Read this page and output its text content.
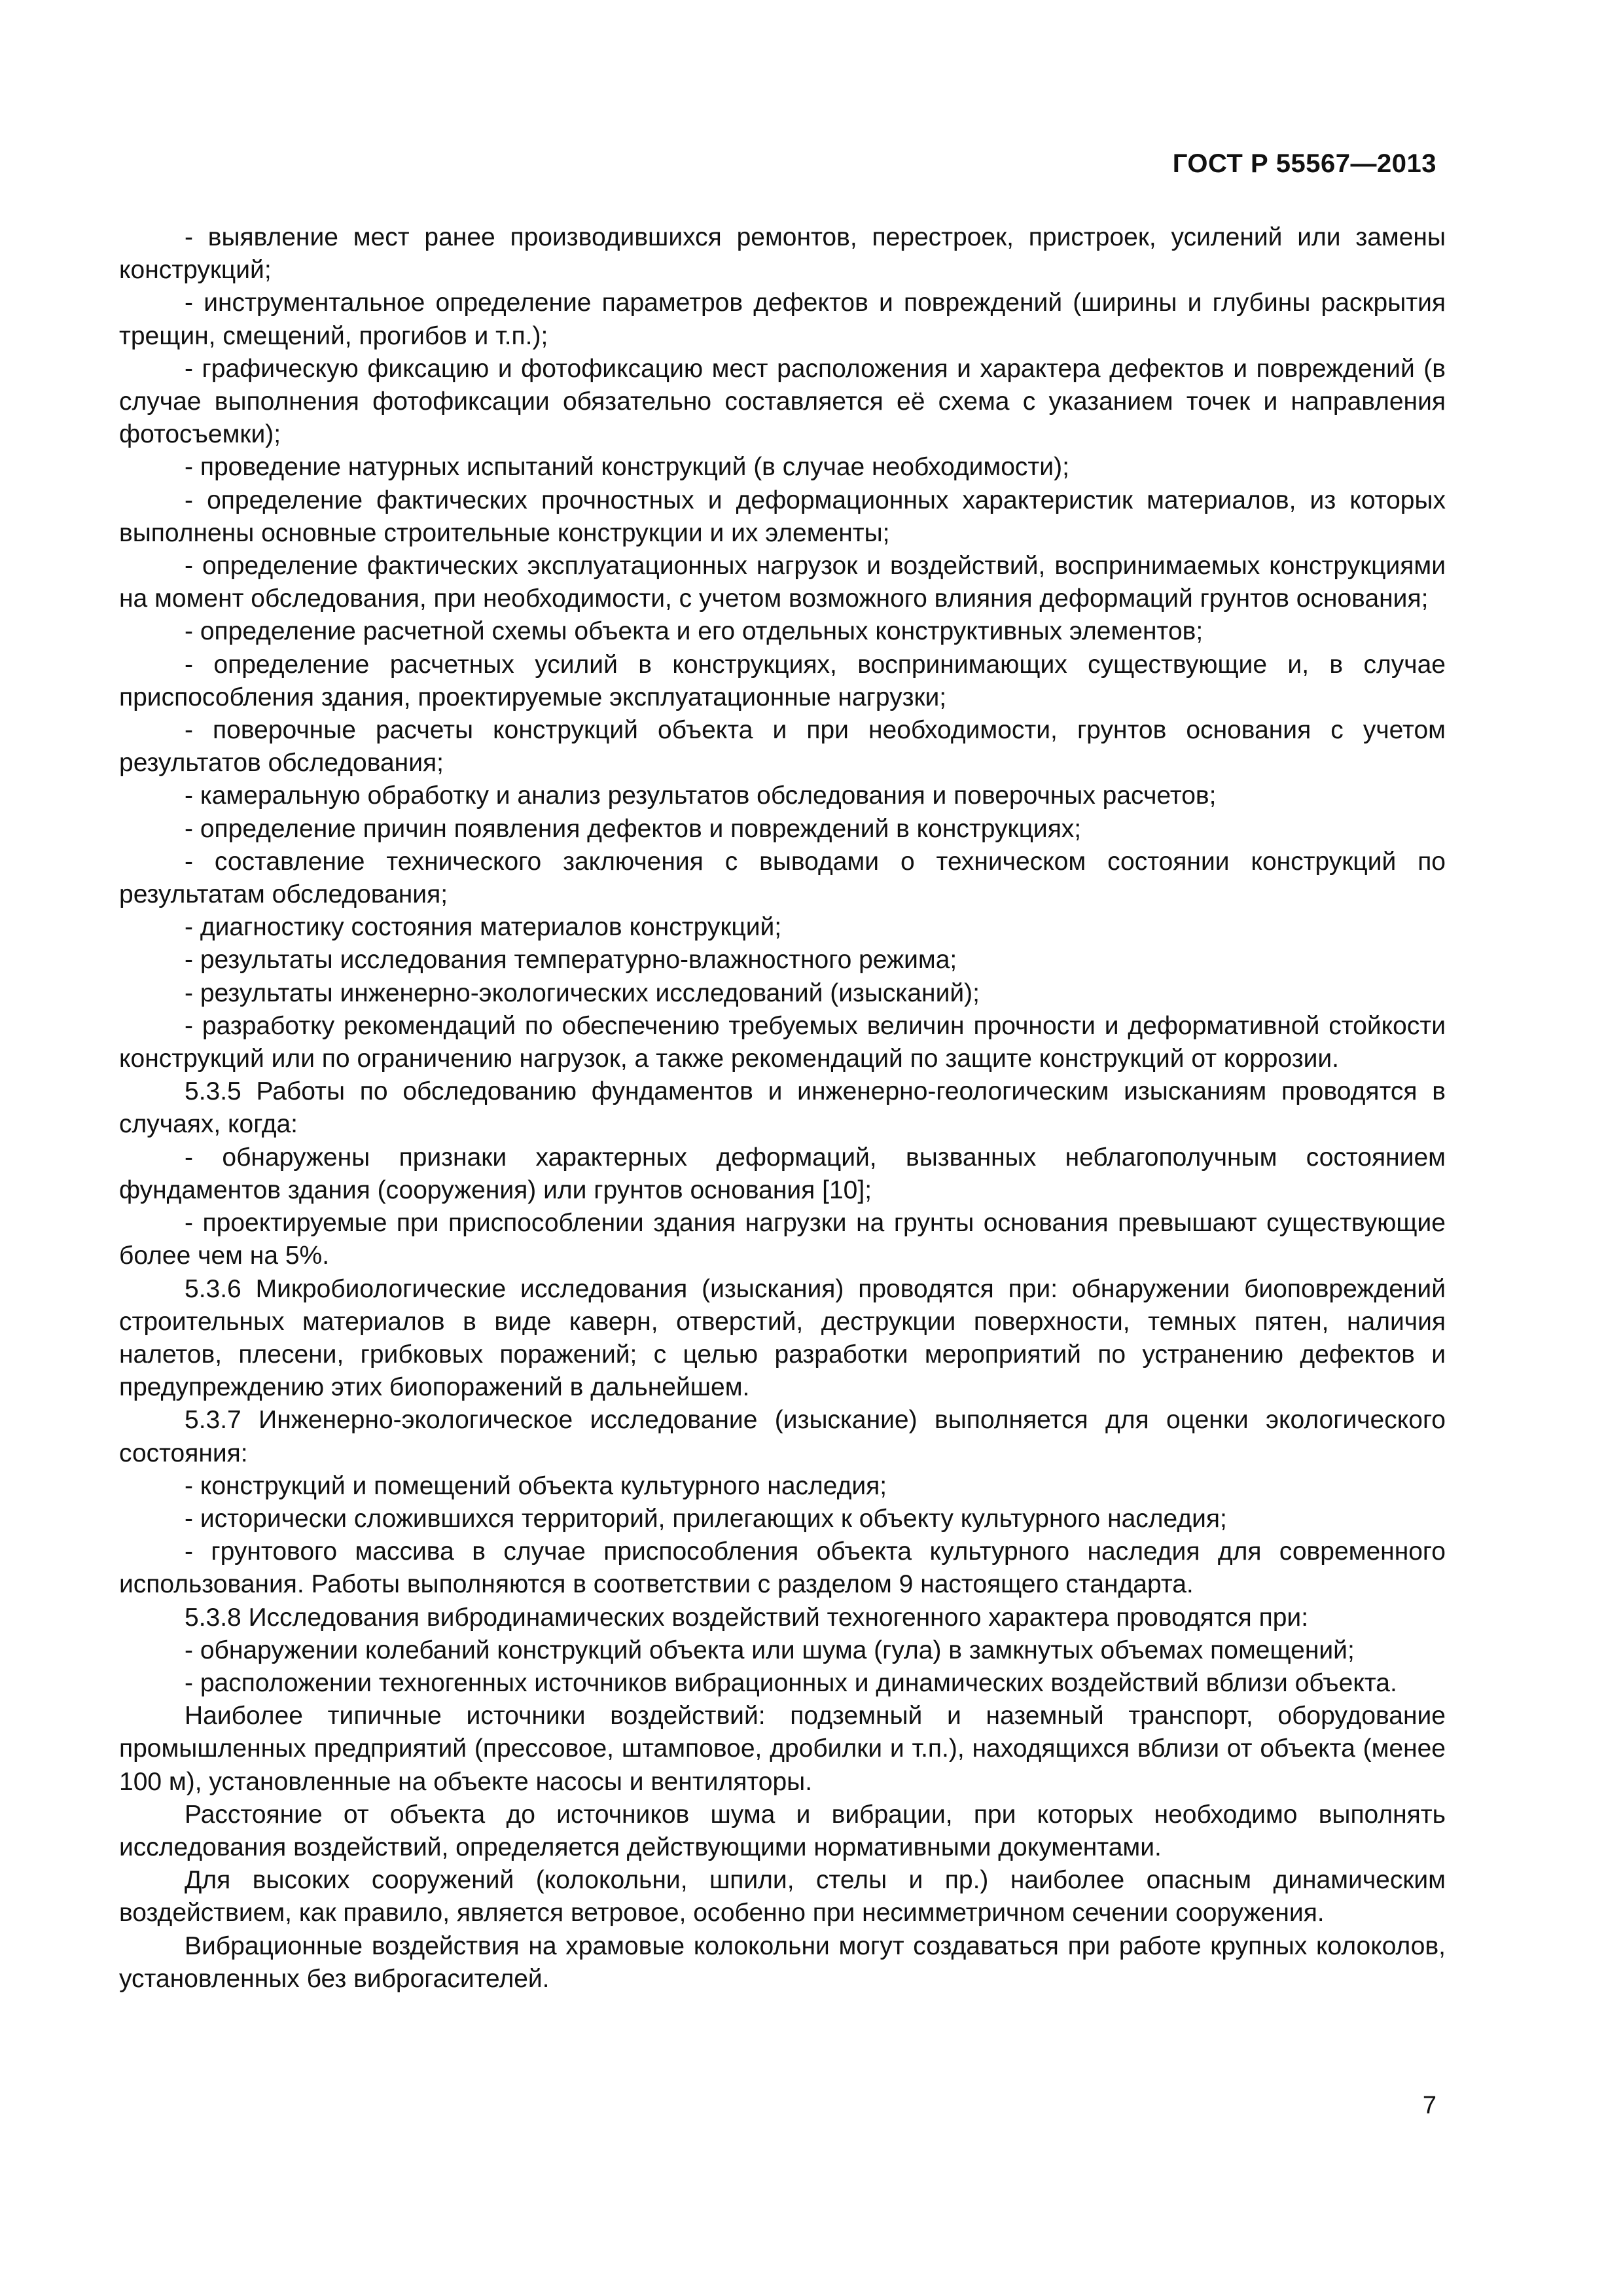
ГОСТ Р 55567—2013

- выявление мест ранее производившихся ремонтов, перестроек, пристроек, усилений или замены конструкций;

- инструментальное определение параметров дефектов и повреждений (ширины и глубины раскрытия трещин, смещений, прогибов и т.п.);

- графическую фиксацию и фотофиксацию мест расположения и характера дефектов и повреждений (в случае выполнения фотофиксации обязательно составляется её схема с указанием точек и направления фотосъемки);

- проведение натурных испытаний конструкций (в случае необходимости);

- определение фактических прочностных и деформационных характеристик материалов, из которых выполнены основные строительные конструкции и их элементы;

- определение фактических эксплуатационных нагрузок и воздействий, воспринимаемых конструкциями на момент обследования, при необходимости, с учетом возможного влияния деформаций грунтов основания;

- определение расчетной схемы объекта и его отдельных конструктивных элементов;

- определение расчетных усилий в конструкциях, воспринимающих существующие и, в случае приспособления здания, проектируемые эксплуатационные нагрузки;

- поверочные расчеты конструкций объекта и при необходимости, грунтов основания с учетом результатов обследования;

- камеральную обработку и анализ результатов обследования и поверочных расчетов;

- определение причин появления дефектов и повреждений в конструкциях;

- составление технического заключения с выводами о техническом состоянии конструкций по результатам обследования;

- диагностику состояния материалов конструкций;

- результаты исследования температурно-влажностного режима;

- результаты инженерно-экологических исследований (изысканий);

- разработку рекомендаций по обеспечению требуемых величин прочности и деформативной стойкости конструкций или по ограничению нагрузок, а также рекомендаций по защите конструкций от коррозии.

5.3.5 Работы по обследованию фундаментов и инженерно-геологическим изысканиям проводятся в случаях, когда:

- обнаружены признаки характерных деформаций, вызванных неблагополучным состоянием фундаментов здания (сооружения) или грунтов основания [10];

- проектируемые при приспособлении здания нагрузки на грунты основания превышают существующие более чем на 5%.

5.3.6 Микробиологические исследования (изыскания) проводятся при: обнаружении биоповреждений строительных материалов в виде каверн, отверстий, деструкции поверхности, темных пятен, наличия налетов, плесени, грибковых поражений; с целью разработки мероприятий по устранению дефектов и предупреждению этих биопоражений в дальнейшем.

5.3.7 Инженерно-экологическое исследование (изыскание) выполняется для оценки экологического состояния:

- конструкций и помещений объекта культурного наследия;

- исторически сложившихся территорий, прилегающих к объекту культурного наследия;

- грунтового массива в случае приспособления объекта культурного наследия для современного использования. Работы выполняются в соответствии с разделом 9 настоящего стандарта.

5.3.8 Исследования вибродинамических воздействий техногенного характера проводятся при:

- обнаружении колебаний конструкций объекта или шума (гула) в замкнутых объемах помещений;

- расположении техногенных источников вибрационных и динамических воздействий вблизи объекта.

Наиболее типичные источники воздействий: подземный и наземный транспорт, оборудование промышленных предприятий (прессовое, штамповое, дробилки и т.п.), находящихся вблизи от объекта (менее 100 м), установленные на объекте насосы и вентиляторы.

Расстояние от объекта до источников шума и вибрации, при которых необходимо выполнять исследования воздействий, определяется действующими нормативными документами.

Для высоких сооружений (колокольни, шпили, стелы и пр.) наиболее опасным динамическим воздействием, как правило, является ветровое, особенно при несимметричном сечении сооружения.

Вибрационные воздействия на храмовые колокольни могут создаваться при работе крупных колоколов, установленных без виброгасителей.

7
